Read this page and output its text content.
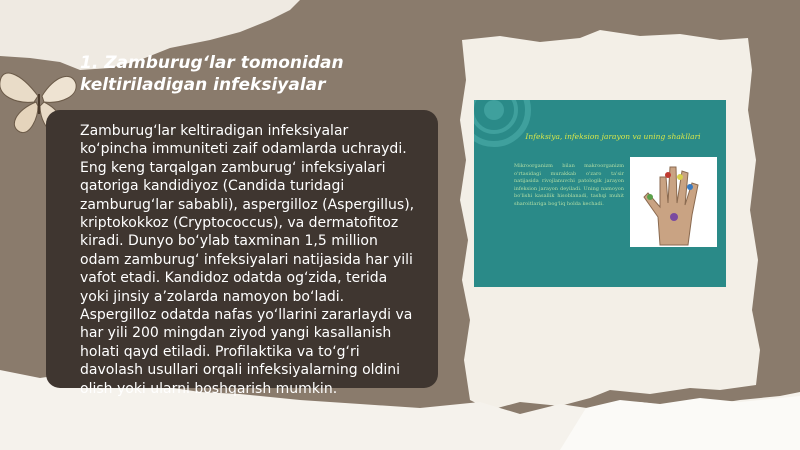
1. Zamburug‘lar tomonidan keltiriladigan infeksiyalar
Zamburug‘lar keltiradigan infeksiyalar ko‘pincha immuniteti zaif odamlarda uchraydi. Eng keng tarqalgan zamburug‘ infeksiyalari qatoriga kandidiyoz (Candida turidagi zamburug‘lar sababli), aspergilloz (Aspergillus), kriptokokkoz (Cryptococcus), va dermatofitoz kiradi. Dunyo bo‘ylab taxminan 1,5 million odam zamburug‘ infeksiyalari natijasida har yili vafot etadi. Kandidoz odatda og‘zida, terida yoki jinsiy a’zolarda namoyon bo‘ladi. Aspergilloz odatda nafas yo‘llarini zararlaydi va har yili 200 mingdan ziyod yangi kasallanish holati qayd etiladi. Profilaktika va to‘g‘ri davolash usullari orqali infeksiyalarning oldini olish yoki ularni boshqarish mumkin.
Infeksiya, infeksion jarayon va uning shakllari
Mikroorganizm bilan makroorganizm o'rtasidagi murakkab o'zaro ta'sir natijasida rivojlanuvchi patologik jarayon infeksion jarayon deyiladi. Uning namoyon bo'lishi kasallik hisoblanadi, tashqi muhit sharoitlariga bog'liq holda kechadi.
